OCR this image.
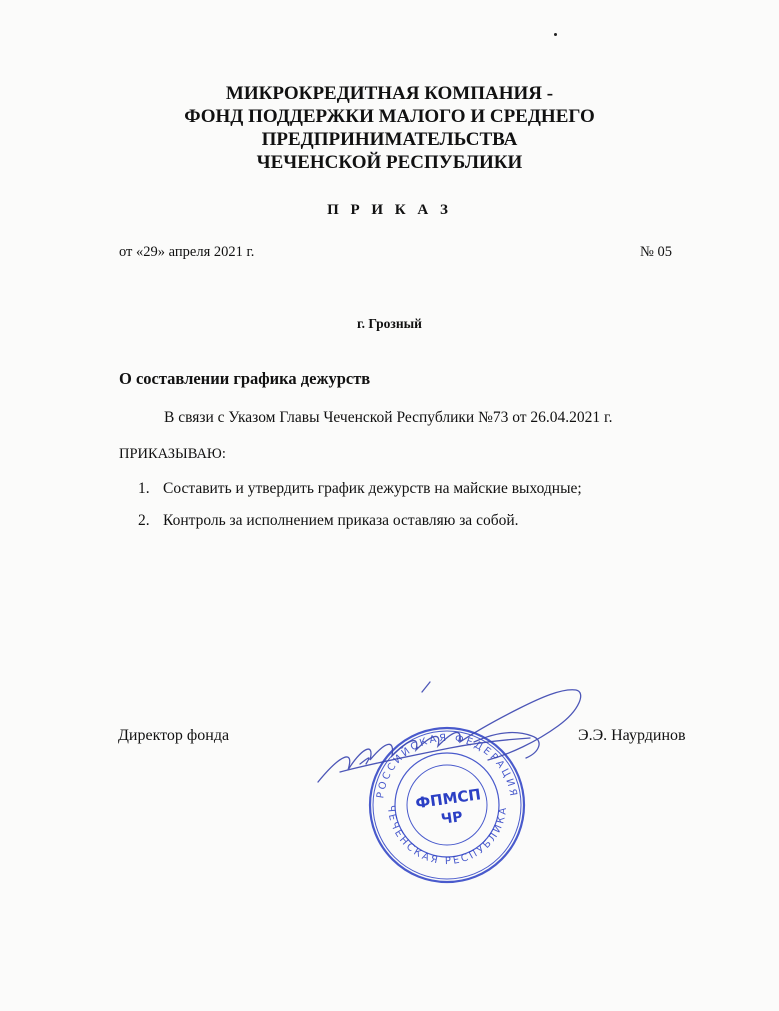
МИКРОКРЕДИТНАЯ КОМПАНИЯ -
ФОНД ПОДДЕРЖКИ МАЛОГО И СРЕДНЕГО
ПРЕДПРИНИМАТЕЛЬСТВА
ЧЕЧЕНСКОЙ РЕСПУБЛИКИ
П Р И К А З
от «29» апреля 2021 г.	№ 05
г. Грозный
О составлении графика дежурств
В связи с Указом Главы Чеченской Республики №73 от 26.04.2021 г.
ПРИКАЗЫВАЮ:
1. Составить и утвердить график дежурств на майские выходные;
2. Контроль за исполнением приказа оставляю за собой.
Директор фонда	Э.Э. Наурдинов
РОССИЙСКАЯ ФЕДЕРАЦИЯ
ЧЕЧЕНСКАЯ РЕСПУБЛИКА
ФПМСП
ЧР
